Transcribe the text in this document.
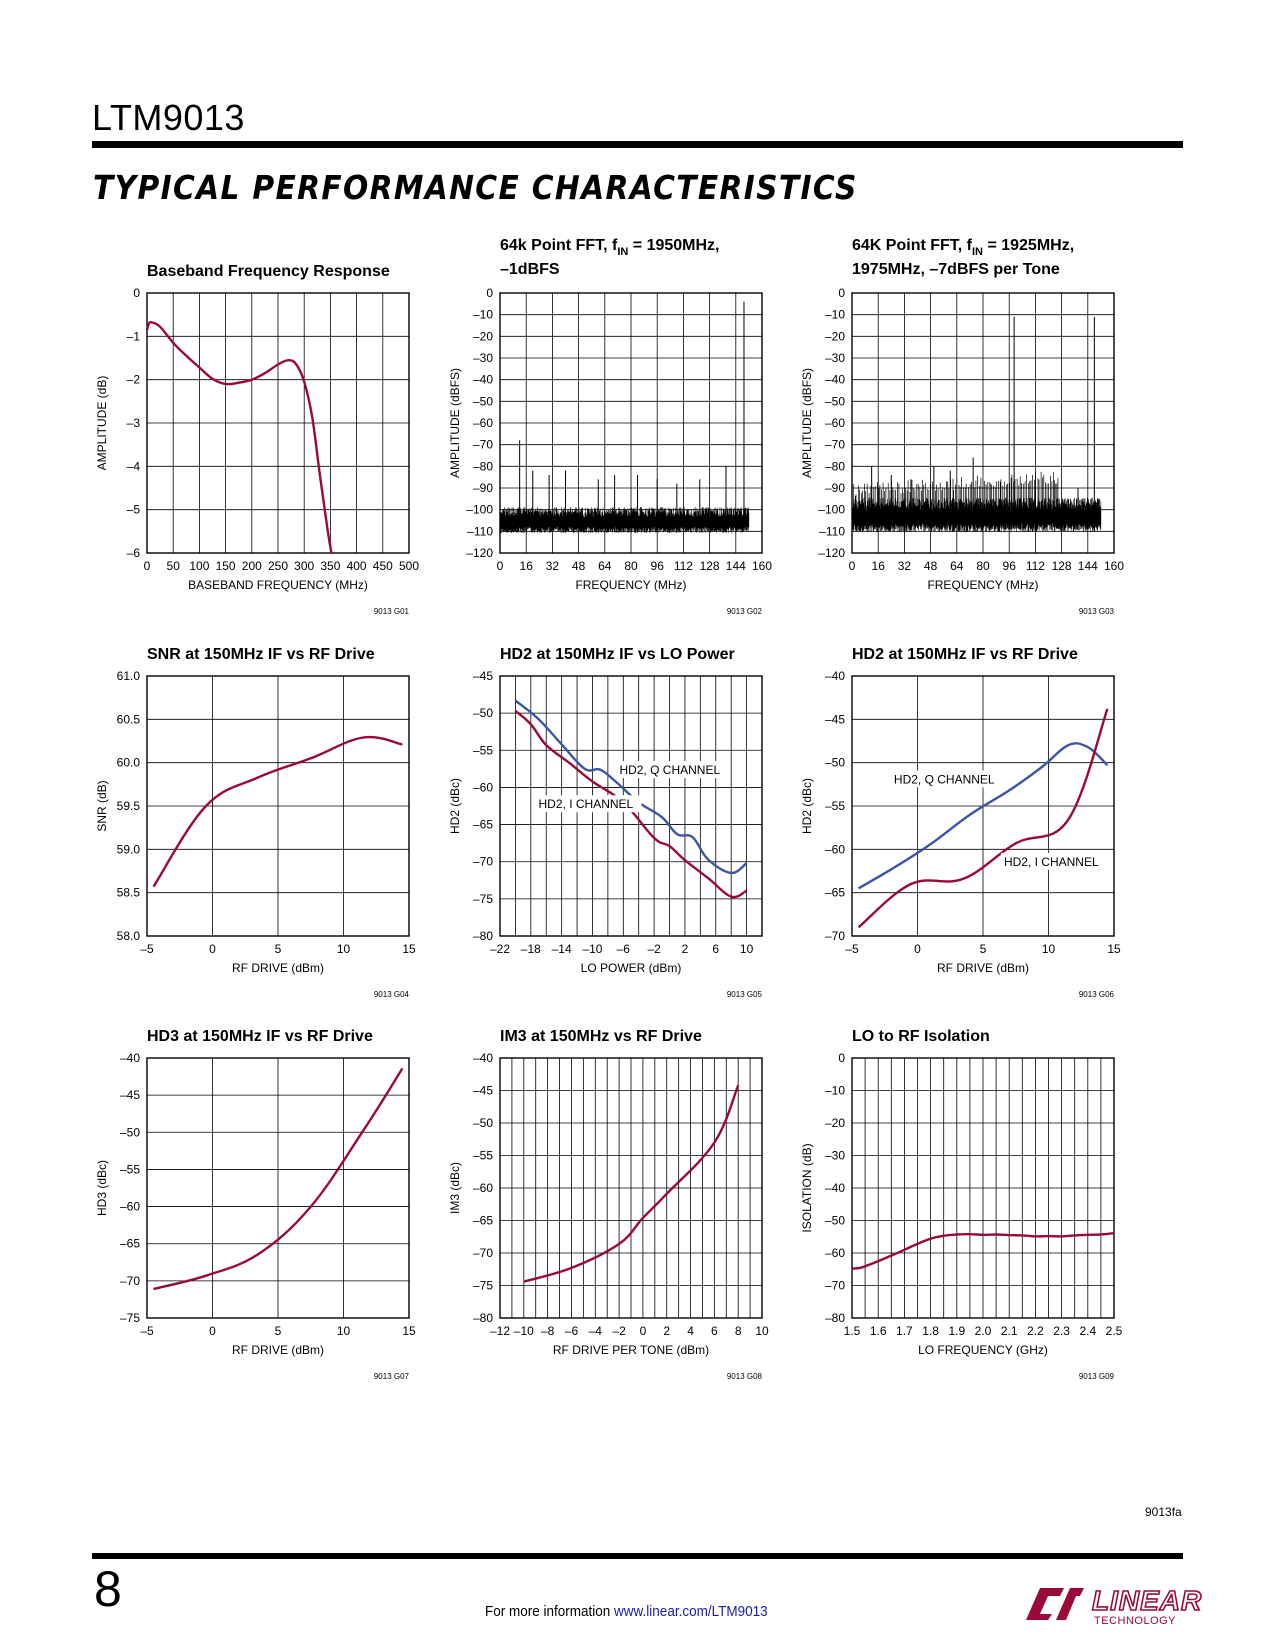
LTM9013
TYPICAL PERFORMANCE CHARACTERISTICS
Baseband Frequency Response
0 50 100 150 200 250 300 350 400 450 500
0
–1
–2
–3
–4
–5
–6
BASEBAND FREQUENCY (MHz)
AMPLITUDE (dB)
9013 G01
64k Point FFT, $f_{IN} = 1950MHz$,
–1dBFS
0 16 32 48 64 80 96 112 128 144 160
0
–10
–20
–30
–40
–50
–60
–70
–80
–90
–100
–110
–120
FREQUENCY (MHz)
AMPLITUDE (dBFS)
9013 G02
64K Point FFT, $f_{IN} = 1925MHz$,
1975MHz, –7dBFS per Tone
0 16 32 48 64 80 96 112 128 144 160
0
–10
–20
–30
–40
–50
–60
–70
–80
–90
–100
–110
–120
FREQUENCY (MHz)
AMPLITUDE (dBFS)
9013 G03
SNR at 150MHz IF vs RF Drive
–5	0	5	10	15
58.0
58.5
59.0
59.5
60.0
60.5
61.0
RF DRIVE (dBm)
SNR (dB)
9013 G04
HD2 at 150MHz IF vs LO Power
–22 –18 –14 –10 –6 –2 2 6 10
–45
–50
–55
–60
–65
–70
–75
–80
LO POWER (dBm)
HD2 (dBc)
9013 G05
HD2, Q CHANNEL
HD2, I CHANNEL
HD2 at 150MHz IF vs RF Drive
–5	0	5	10	15
–40
–45
–50
–55
–60
–65
–70
RF DRIVE (dBm)
HD2 (dBc)
9013 G06
HD2, Q CHANNEL
HD2, I CHANNEL
HD3 at 150MHz IF vs RF Drive
–5	0	5	10	15
–40
–45
–50
–55
–60
–65
–70
–75
RF DRIVE (dBm)
HD3 (dBc)
9013 G07
IM3 at 150MHz vs RF Drive
–12 –10 –8 –6 –4 –2 0 2 4 6 8 10
–40
–45
–50
–55
–60
–65
–70
–75
–80
RF DRIVE PER TONE (dBm)
IM3 (dBc)
9013 G08
LO to RF Isolation
1.5 1.6 1.7 1.8 1.9 2.0 2.1 2.2 2.3 2.4 2.5
0
–10
–20
–30
–40
–50
–60
–70
–80
LO FREQUENCY (GHz)
ISOLATION (dB)
9013 G09
9013fa
8	For more information www.linear.com/LTM9013	LINEAR
TECHNOLOGY
